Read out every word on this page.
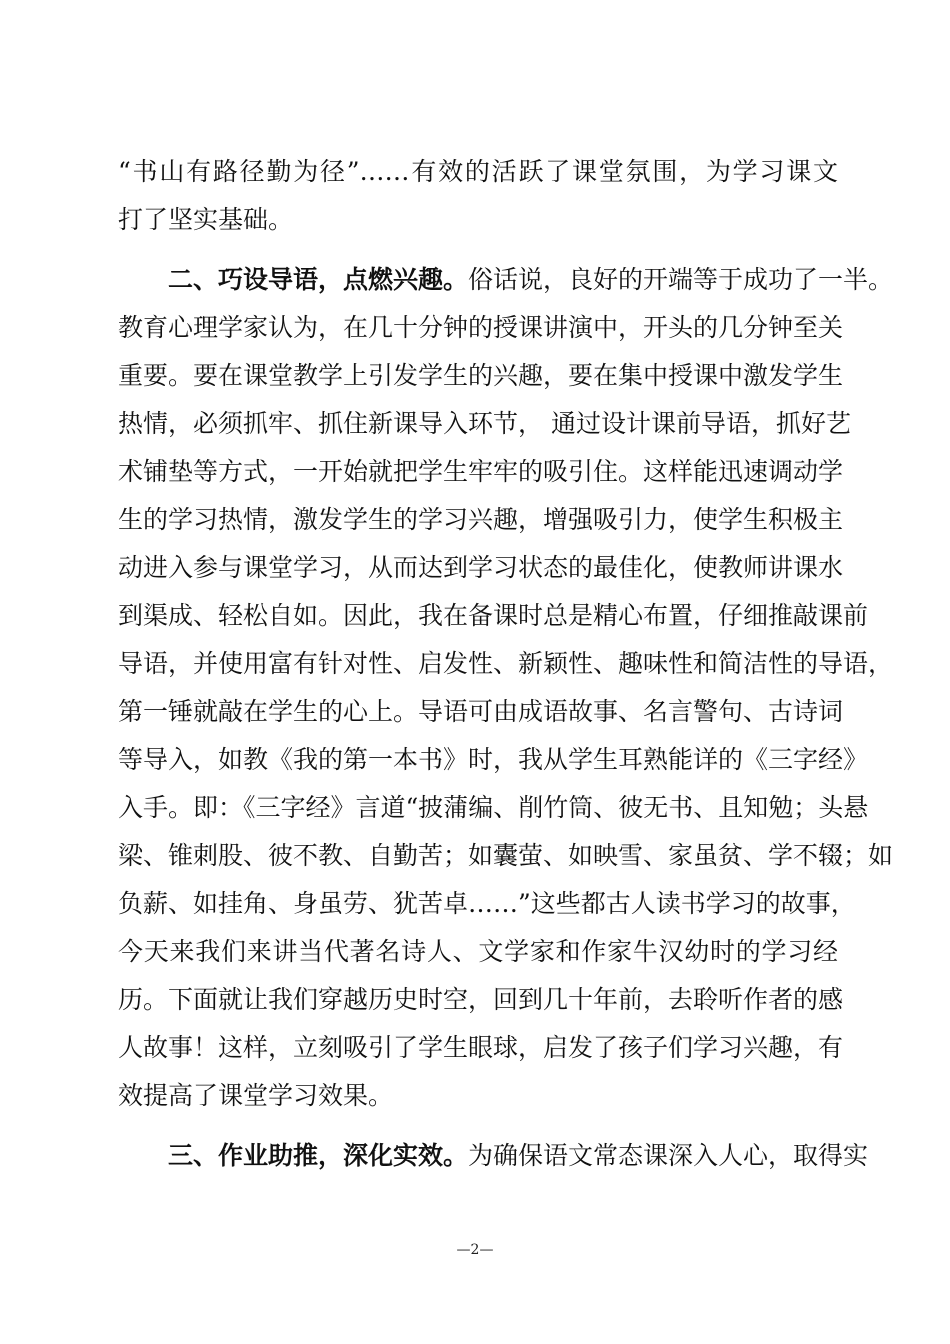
“书山有路径勤为径”……有效的活跃了课堂氛围，为学习课文
打了坚实基础。
二、巧设导语，点燃兴趣。俗话说，良好的开端等于成功了一半。
教育心理学家认为，在几十分钟的授课讲演中，开头的几分钟至关
重要。要在课堂教学上引发学生的兴趣，要在集中授课中激发学生
热情，必须抓牢、抓住新课导入环节， 通过设计课前导语，抓好艺
术铺垫等方式，一开始就把学生牢牢的吸引住。这样能迅速调动学
生的学习热情，激发学生的学习兴趣，增强吸引力，使学生积极主
动进入参与课堂学习，从而达到学习状态的最佳化，使教师讲课水
到渠成、轻松自如。因此，我在备课时总是精心布置，仔细推敲课前
导语，并使用富有针对性、启发性、新颖性、趣味性和简洁性的导语，
第一锤就敲在学生的心上。导语可由成语故事、名言警句、古诗词
等导入，如教《我的第一本书》时，我从学生耳熟能详的《三字经》
入手。即：《三字经》言道“披蒲编、削竹筒、彼无书、且知勉；头悬
梁、锥刺股、彼不教、自勤苦；如囊萤、如映雪、家虽贫、学不辍；如
负薪、如挂角、身虽劳、犹苦卓……”这些都古人读书学习的故事，
今天来我们来讲当代著名诗人、文学家和作家牛汉幼时的学习经
历。下面就让我们穿越历史时空，回到几十年前，去聆听作者的感
人故事！这样，立刻吸引了学生眼球，启发了孩子们学习兴趣，有
效提高了课堂学习效果。
三、作业助推，深化实效。为确保语文常态课深入人心，取得实
—2—
